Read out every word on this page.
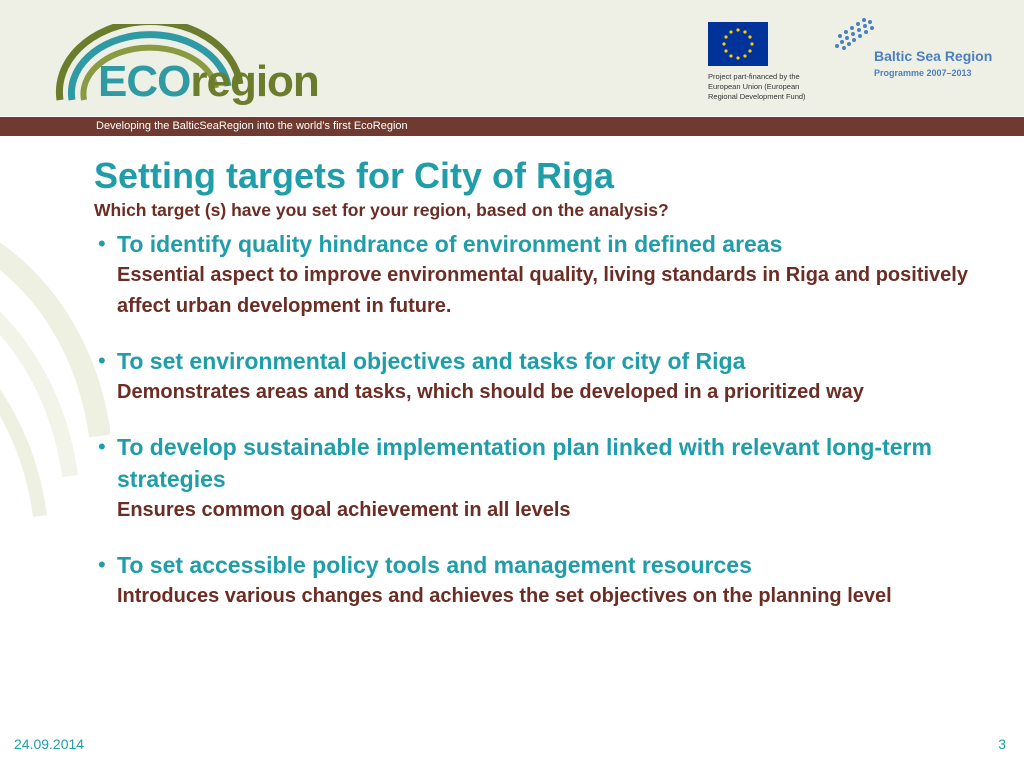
ECOregion	Project part-financed by the
European Union (European
Regional Development Fund)
Baltic Sea Region
Programme 2007–2013
Developing the BalticSeaRegion into the world’s first EcoRegion
Setting targets for City of Riga
Which target (s) have you set for your region, based on the analysis?
• To identify quality hindrance of environment in defined areas
Essential aspect to improve environmental quality, living standards in Riga and positively affect urban development in future.
• To set environmental objectives and tasks for city of Riga
Demonstrates areas and tasks, which should be developed in a prioritized way
• To develop sustainable implementation plan linked with relevant long-term strategies
Ensures common goal achievement in all levels
• To set accessible policy tools and management resources
Introduces various changes and achieves the set objectives on the planning level
24.09.2014	3
